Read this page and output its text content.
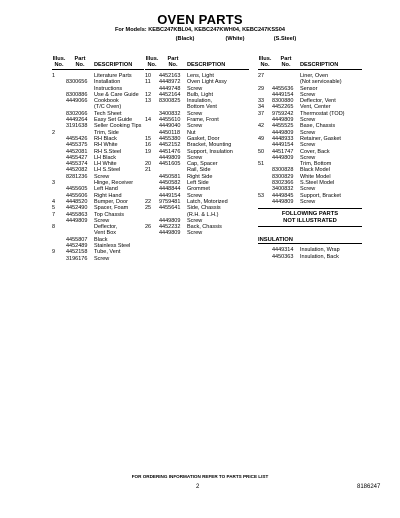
OVEN PARTS
For Models: KEBC247KBL04, KEBC247KWH04, KEBC247KSS04
(Black)	(White)	(S.Steel)
Illus.
No.
Part
No.	DESCRIPTION
1	Literature Parts
8300656	Installation
Instructions
8300886	Use & Care Guide
4449066	Cookbook
(T/C Oven)
8302066	Tech Sheet
4449264	Easy Set Guide
3191638	Seller Cooking Tips
2	Trim, Side
4455426	RH Black
4455375	RH White
4452081	RH S.Steel
4455427	LH Black
4455374	LH White
4452082	LH S.Steel
8281236	Screw
3	Hinge, Receiver
4455605	Left Hand
4455606	Right Hand
4	4448520	Bumper, Door
5	4452490	Spacer, Foam
7	4455863	Top Chassis
4449809	Screw
8	Deflector,
Vent Box
4455807	Black
4452489	Stainless Steel
9	4452158	Tube, Vent
3196176	Screw
Illus.
No.
Part
No.	DESCRIPTION
10	4452163	Lens, Light
11	4448972	Oven Light Assy
4449748	Screw
12	4452164	Bulb, Light
13	8300825	Insulation,
Bottom Vent
3400832	Screw
14	4455610	Frame, Front
4449040	Screw
4450118	Nut
15	4455380	Gasket, Door
16	4452152	Bracket, Mounting
19	4451476	Support, Insulation
4449809	Screw
20	4451605	Cap, Spacer
21	Rail, Side
4450581	Right Side
4450582	Left Side
4448844	Grommet
4449154	Screw
22	9759481	Latch, Motorized
25	4455641	Side, Chassis
(R.H. & L.H.)
4449809	Screw
26	4452232	Back, Chassis
4449809	Screw
Illus.
No.
Part
No.	DESCRIPTION
27	Liner, Oven
(Not serviceable)
29	4455636	Sensor
4449154	Screw
33	8300880	Deflector, Vent
34	4452265	Vent, Center
37	9759242	Thermostat (TOD)
4449809	Screw
42	4455525	Base, Chassis
4449809	Screw
49	4448933	Retainer, Gasket
4449154	Screw
50	4451747	Cover, Back
4449809	Screw
51	Trim, Bottom
8300828	Black Model
8300829	White Model
8302366	S.Steel Model
3400832	Screw
53	4449845	Support, Bracket
4449809	Screw
FOLLOWING PARTS
NOT ILLUSTRATED
INSULATION
4449314	Insulation, Wrap
4450363	Insulation, Back
FOR ORDERING INFORMATION REFER TO PARTS PRICE LIST
2	8186247
